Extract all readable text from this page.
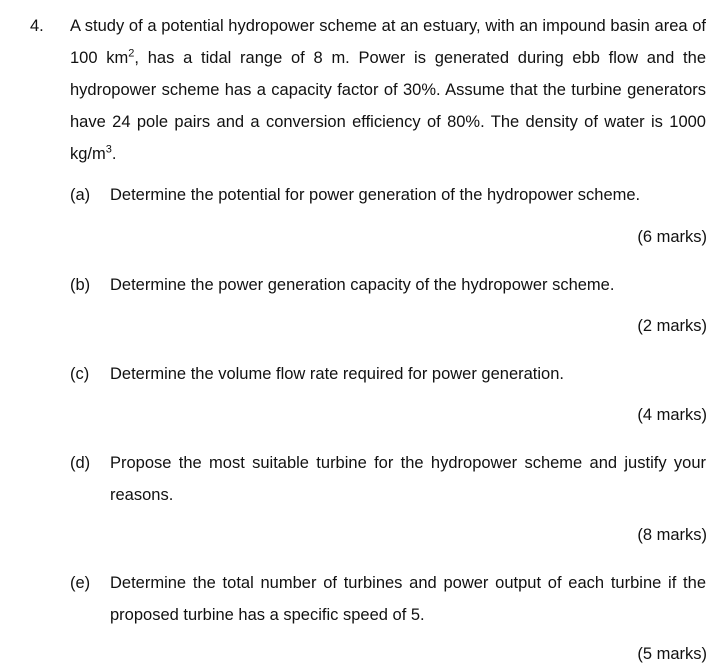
4. A study of a potential hydropower scheme at an estuary, with an impound basin area of 100 $km^2$, has a tidal range of 8 m. Power is generated during ebb flow and the hydropower scheme has a capacity factor of 30%. Assume that the turbine generators have 24 pole pairs and a conversion efficiency of 80%. The density of water is 1000 $kg/m^3$.
(a) Determine the potential for power generation of the hydropower scheme.
(6 marks)
(b) Determine the power generation capacity of the hydropower scheme.
(2 marks)
(c) Determine the volume flow rate required for power generation.
(4 marks)
(d) Propose the most suitable turbine for the hydropower scheme and justify your reasons.
(8 marks)
(e) Determine the total number of turbines and power output of each turbine if the proposed turbine has a specific speed of 5.
(5 marks)
